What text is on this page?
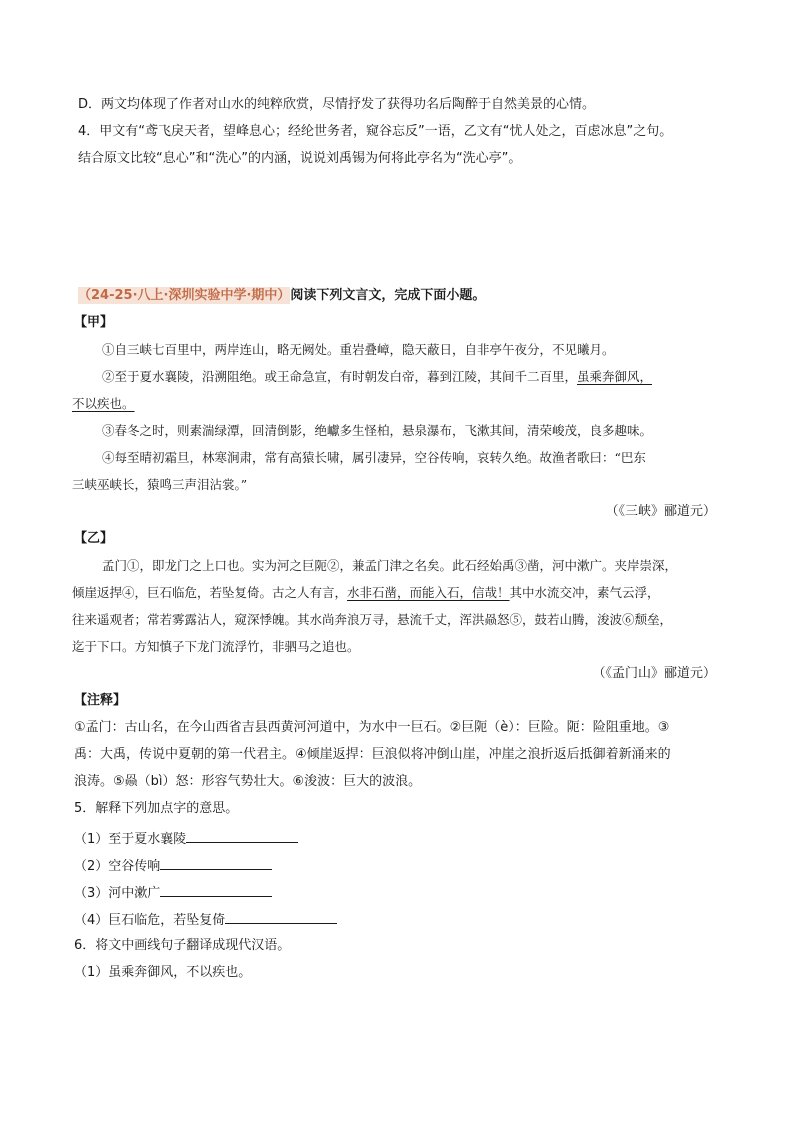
D．两文均体现了作者对山水的纯粹欣赏，尽情抒发了获得功名后陶醉于自然美景的心情。
4．甲文有“鸢飞戾天者，望峰息心；经纶世务者，窥谷忘反”一语，乙文有“忧人处之，百虑冰息”之句。
结合原文比较“息心”和“洗心”的内涵，说说刘禹锡为何将此亭名为“洗心亭”。
（24-25·八上·深圳实验中学·期中）阅读下列文言文，完成下面小题。
【甲】
①自三峡七百里中，两岸连山，略无阙处。重岩叠嶂，隐天蔽日，自非亭午夜分，不见曦月。
②至于夏水襄陵，沿溯阻绝。或王命急宣，有时朝发白帝，暮到江陵，其间千二百里，虽乘奔御风，
不以疾也。
③春冬之时，则素湍绿潭，回清倒影，绝巘多生怪柏，悬泉瀑布，飞漱其间，清荣峻茂，良多趣味。
④每至晴初霜旦，林寒涧肃，常有高猿长啸，属引凄异，空谷传响，哀转久绝。故渔者歌曰：“巴东
三峡巫峡长，猿鸣三声泪沾裳。”
（《三峡》郦道元）
【乙】
孟门①，即龙门之上口也。实为河之巨阨②，兼孟门津之名矣。此石经始禹③凿，河中漱广。夹岸崇深，
倾崖返捍④，巨石临危，若坠复倚。古之人有言，水非石凿，而能入石，信哉！其中水流交冲，素气云浮，
往来遥观者；常若雾露沾人，窥深悸魄。其水尚奔浪万寻，悬流千丈，浑洪赑怒⑤，鼓若山腾，浚波⑥颓垒，
迄于下口。方知慎子下龙门流浮竹，非驷马之追也。
（《孟门山》郦道元）
【注释】
①孟门：古山名，在今山西省吉县西黄河河道中，为水中一巨石。②巨阨（è）：巨险。阨：险阻重地。③
禹：大禹，传说中夏朝的第一代君主。④倾崖返捍：巨浪似将冲倒山崖，冲崖之浪折返后抵御着新涌来的
浪涛。⑤赑（bì）怒：形容气势壮大。⑥浚波：巨大的波浪。
5．解释下列加点字的意思。
（1）至于夏水襄陵
（2）空谷传响
（3）河中漱广
（4）巨石临危，若坠复倚
6．将文中画线句子翻译成现代汉语。
（1）虽乘奔御风，不以疾也。
